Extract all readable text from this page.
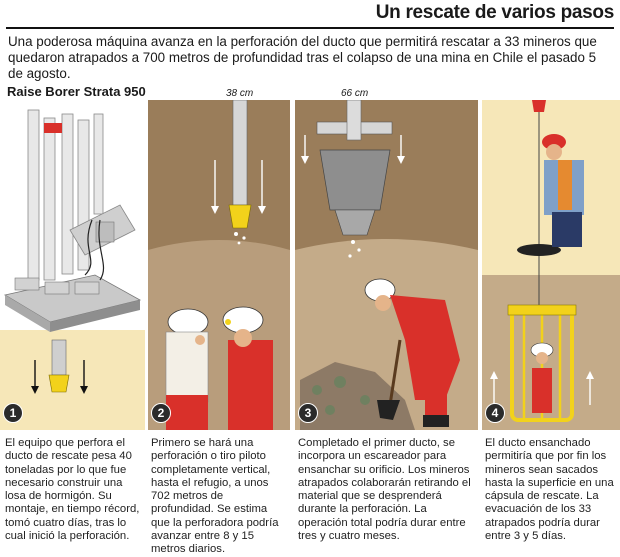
Un rescate de varios pasos
Una poderosa máquina avanza en la perforación del ducto que permitirá rescatar a 33 mineros que quedaron atrapados a 700 metros de profundidad tras el colapso de una mina en Chile el pasado 5 de agosto.
Raise Borer Strata 950
1
38 cm
2
66 cm
3	4
El equipo que perfora el ducto de rescate pesa 40 toneladas por lo que fue necesario construir una losa de hormigón. Su montaje, en tiempo récord, tomó cuatro días, tras lo cual inició la perforación.
Primero se hará una perforación o tiro piloto completamente vertical, hasta el refugio, a unos 702 metros de profundidad. Se estima que la perforadora podría avanzar entre 8 y 15 metros diarios.
Completado el primer ducto, se incorpora un escareador para ensanchar su orificio. Los mineros atrapados colaborarán retirando el material que se desprenderá durante la perforación. La operación total podría durar entre tres y cuatro meses.
El ducto ensanchado permitiría que por fin los mineros sean sacados hasta la superficie en una cápsula de rescate. La evacuación de los 33 atrapados podría durar entre 3 y 5 días.
